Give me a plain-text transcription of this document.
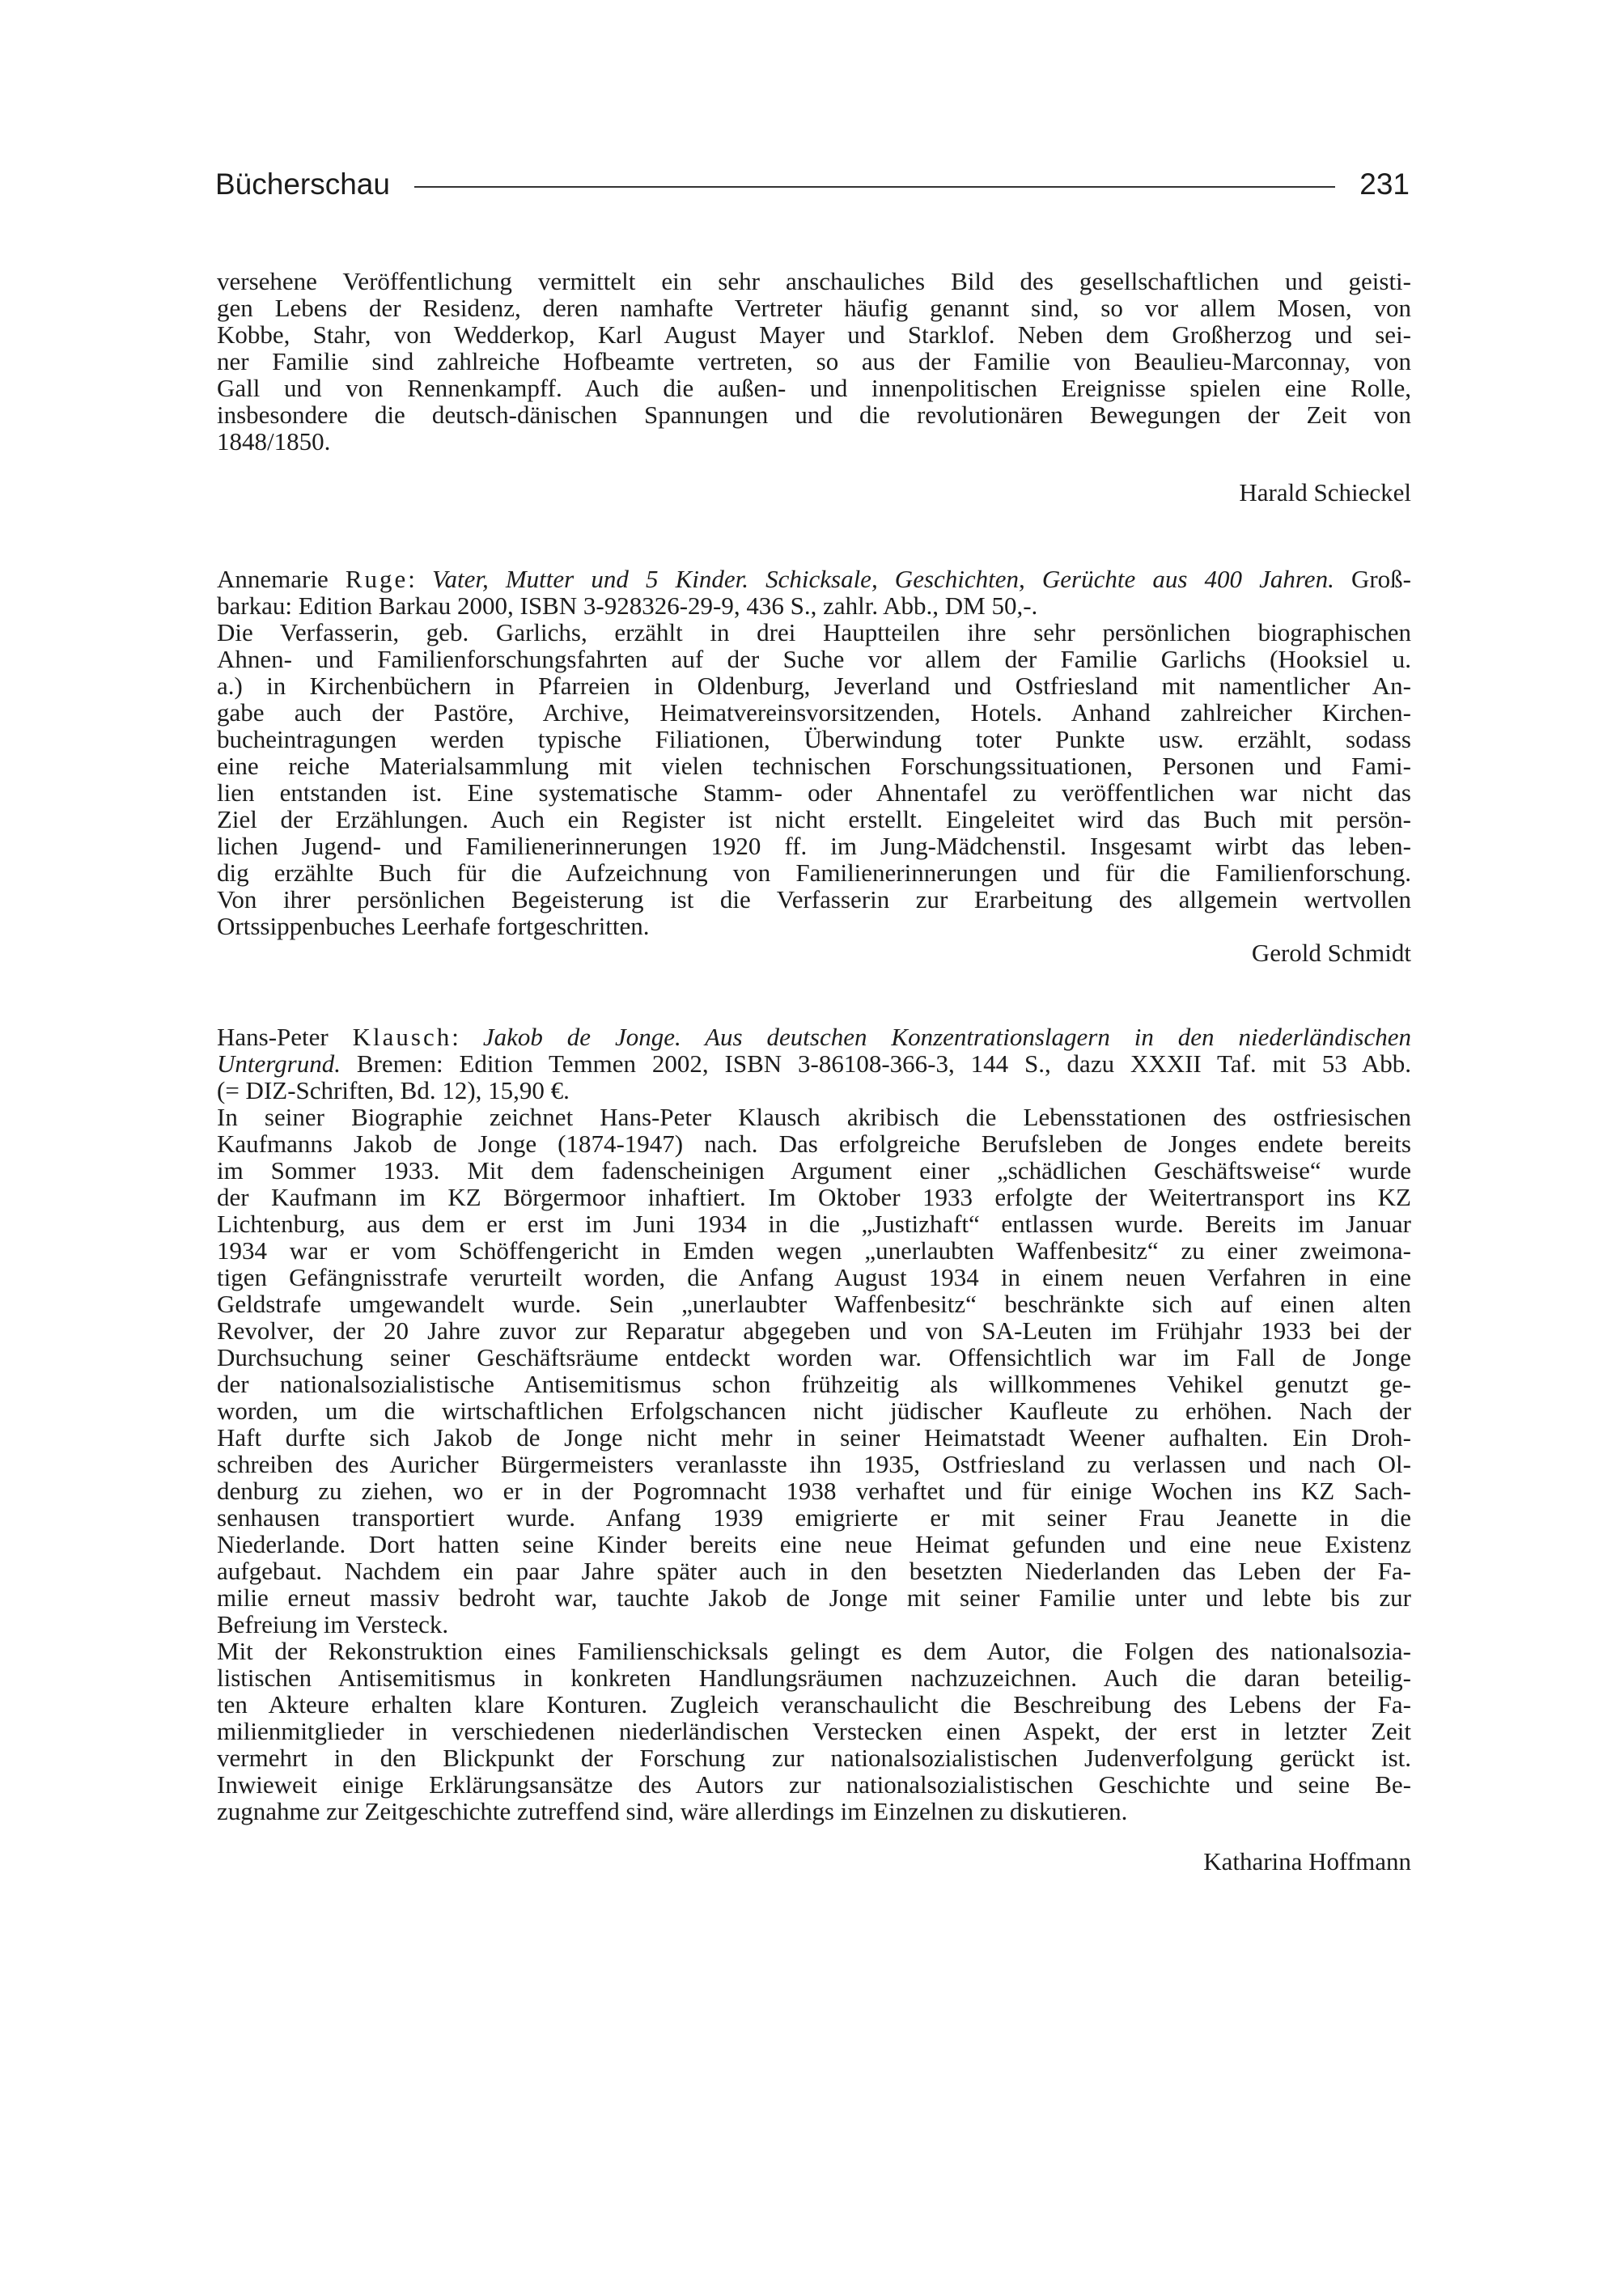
Bücherschau	231
versehene Veröffentlichung vermittelt ein sehr anschauliches Bild des gesellschaftlichen und geisti-
gen Lebens der Residenz, deren namhafte Vertreter häufig genannt sind, so vor allem Mosen, von
Kobbe, Stahr, von Wedderkop, Karl August Mayer und Starklof. Neben dem Großherzog und sei-
ner Familie sind zahlreiche Hofbeamte vertreten, so aus der Familie von Beaulieu-Marconnay, von
Gall und von Rennenkampff. Auch die außen- und innenpolitischen Ereignisse spielen eine Rolle,
insbesondere die deutsch-dänischen Spannungen und die revolutionären Bewegungen der Zeit von
1848/1850.
Harald Schieckel
Annemarie Ruge: Vater, Mutter und 5 Kinder. Schicksale, Geschichten, Gerüchte aus 400 Jahren. Groß-
barkau: Edition Barkau 2000, ISBN 3-928326-29-9, 436 S., zahlr. Abb., DM 50,-.
Die Verfasserin, geb. Garlichs, erzählt in drei Hauptteilen ihre sehr persönlichen biographischen
Ahnen- und Familienforschungsfahrten auf der Suche vor allem der Familie Garlichs (Hooksiel u.
a.) in Kirchenbüchern in Pfarreien in Oldenburg, Jeverland und Ostfriesland mit namentlicher An-
gabe auch der Pastöre, Archive, Heimatvereinsvorsitzenden, Hotels. Anhand zahlreicher Kirchen-
bucheintragungen werden typische Filiationen, Überwindung toter Punkte usw. erzählt, sodass
eine reiche Materialsammlung mit vielen technischen Forschungssituationen, Personen und Fami-
lien entstanden ist. Eine systematische Stamm- oder Ahnentafel zu veröffentlichen war nicht das
Ziel der Erzählungen. Auch ein Register ist nicht erstellt. Eingeleitet wird das Buch mit persön-
lichen Jugend- und Familienerinnerungen 1920 ff. im Jung-Mädchenstil. Insgesamt wirbt das leben-
dig erzählte Buch für die Aufzeichnung von Familienerinnerungen und für die Familienforschung.
Von ihrer persönlichen Begeisterung ist die Verfasserin zur Erarbeitung des allgemein wertvollen
Ortssippenbuches Leerhafe fortgeschritten.
Gerold Schmidt
Hans-Peter Klausch: Jakob de Jonge. Aus deutschen Konzentrationslagern in den niederländischen
Untergrund. Bremen: Edition Temmen 2002, ISBN 3-86108-366-3, 144 S., dazu XXXII Taf. mit 53 Abb.
(= DIZ-Schriften, Bd. 12), 15,90 €.
In seiner Biographie zeichnet Hans-Peter Klausch akribisch die Lebensstationen des ostfriesischen
Kaufmanns Jakob de Jonge (1874-1947) nach. Das erfolgreiche Berufsleben de Jonges endete bereits
im Sommer 1933. Mit dem fadenscheinigen Argument einer „schädlichen Geschäftsweise“ wurde
der Kaufmann im KZ Börgermoor inhaftiert. Im Oktober 1933 erfolgte der Weitertransport ins KZ
Lichtenburg, aus dem er erst im Juni 1934 in die „Justizhaft“ entlassen wurde. Bereits im Januar
1934 war er vom Schöffengericht in Emden wegen „unerlaubten Waffenbesitz“ zu einer zweimona-
tigen Gefängnisstrafe verurteilt worden, die Anfang August 1934 in einem neuen Verfahren in eine
Geldstrafe umgewandelt wurde. Sein „unerlaubter Waffenbesitz“ beschränkte sich auf einen alten
Revolver, der 20 Jahre zuvor zur Reparatur abgegeben und von SA-Leuten im Frühjahr 1933 bei der
Durchsuchung seiner Geschäftsräume entdeckt worden war. Offensichtlich war im Fall de Jonge
der nationalsozialistische Antisemitismus schon frühzeitig als willkommenes Vehikel genutzt ge-
worden, um die wirtschaftlichen Erfolgschancen nicht jüdischer Kaufleute zu erhöhen. Nach der
Haft durfte sich Jakob de Jonge nicht mehr in seiner Heimatstadt Weener aufhalten. Ein Droh-
schreiben des Auricher Bürgermeisters veranlasste ihn 1935, Ostfriesland zu verlassen und nach Ol-
denburg zu ziehen, wo er in der Pogromnacht 1938 verhaftet und für einige Wochen ins KZ Sach-
senhausen transportiert wurde. Anfang 1939 emigrierte er mit seiner Frau Jeanette in die
Niederlande. Dort hatten seine Kinder bereits eine neue Heimat gefunden und eine neue Existenz
aufgebaut. Nachdem ein paar Jahre später auch in den besetzten Niederlanden das Leben der Fa-
milie erneut massiv bedroht war, tauchte Jakob de Jonge mit seiner Familie unter und lebte bis zur
Befreiung im Versteck.
Mit der Rekonstruktion eines Familienschicksals gelingt es dem Autor, die Folgen des nationalsozia-
listischen Antisemitismus in konkreten Handlungsräumen nachzuzeichnen. Auch die daran beteilig-
ten Akteure erhalten klare Konturen. Zugleich veranschaulicht die Beschreibung des Lebens der Fa-
milienmitglieder in verschiedenen niederländischen Verstecken einen Aspekt, der erst in letzter Zeit
vermehrt in den Blickpunkt der Forschung zur nationalsozialistischen Judenverfolgung gerückt ist.
Inwieweit einige Erklärungsansätze des Autors zur nationalsozialistischen Geschichte und seine Be-
zugnahme zur Zeitgeschichte zutreffend sind, wäre allerdings im Einzelnen zu diskutieren.
Katharina Hoffmann
